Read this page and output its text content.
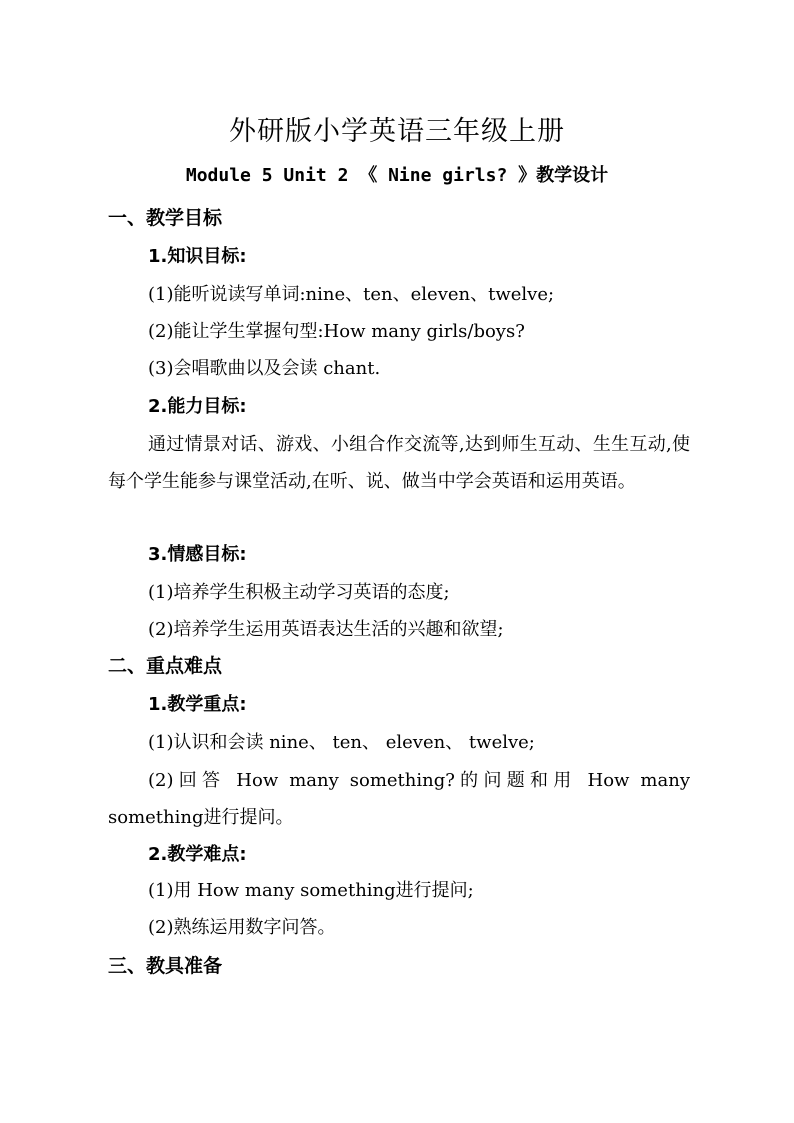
外研版小学英语三年级上册
Module 5 Unit 2 《 Nine girls? 》教学设计
一、教学目标
1.知识目标:
(1)能听说读写单词:nine、ten、eleven、twelve;
(2)能让学生掌握句型:How many girls/boys?
(3)会唱歌曲以及会读 chant.
2.能力目标:
通过情景对话、游戏、小组合作交流等,达到师生互动、生生互动,使每个学生能参与课堂活动,在听、说、做当中学会英语和运用英语。
3.情感目标:
(1)培养学生积极主动学习英语的态度;
(2)培养学生运用英语表达生活的兴趣和欲望;
二、重点难点
1.教学重点:
(1)认识和会读 nine、 ten、 eleven、 twelve;
(2)回答 How many something?的问题和用 How many something进行提问。
2.教学难点:
(1)用 How many something进行提问;
(2)熟练运用数字问答。
三、教具准备
